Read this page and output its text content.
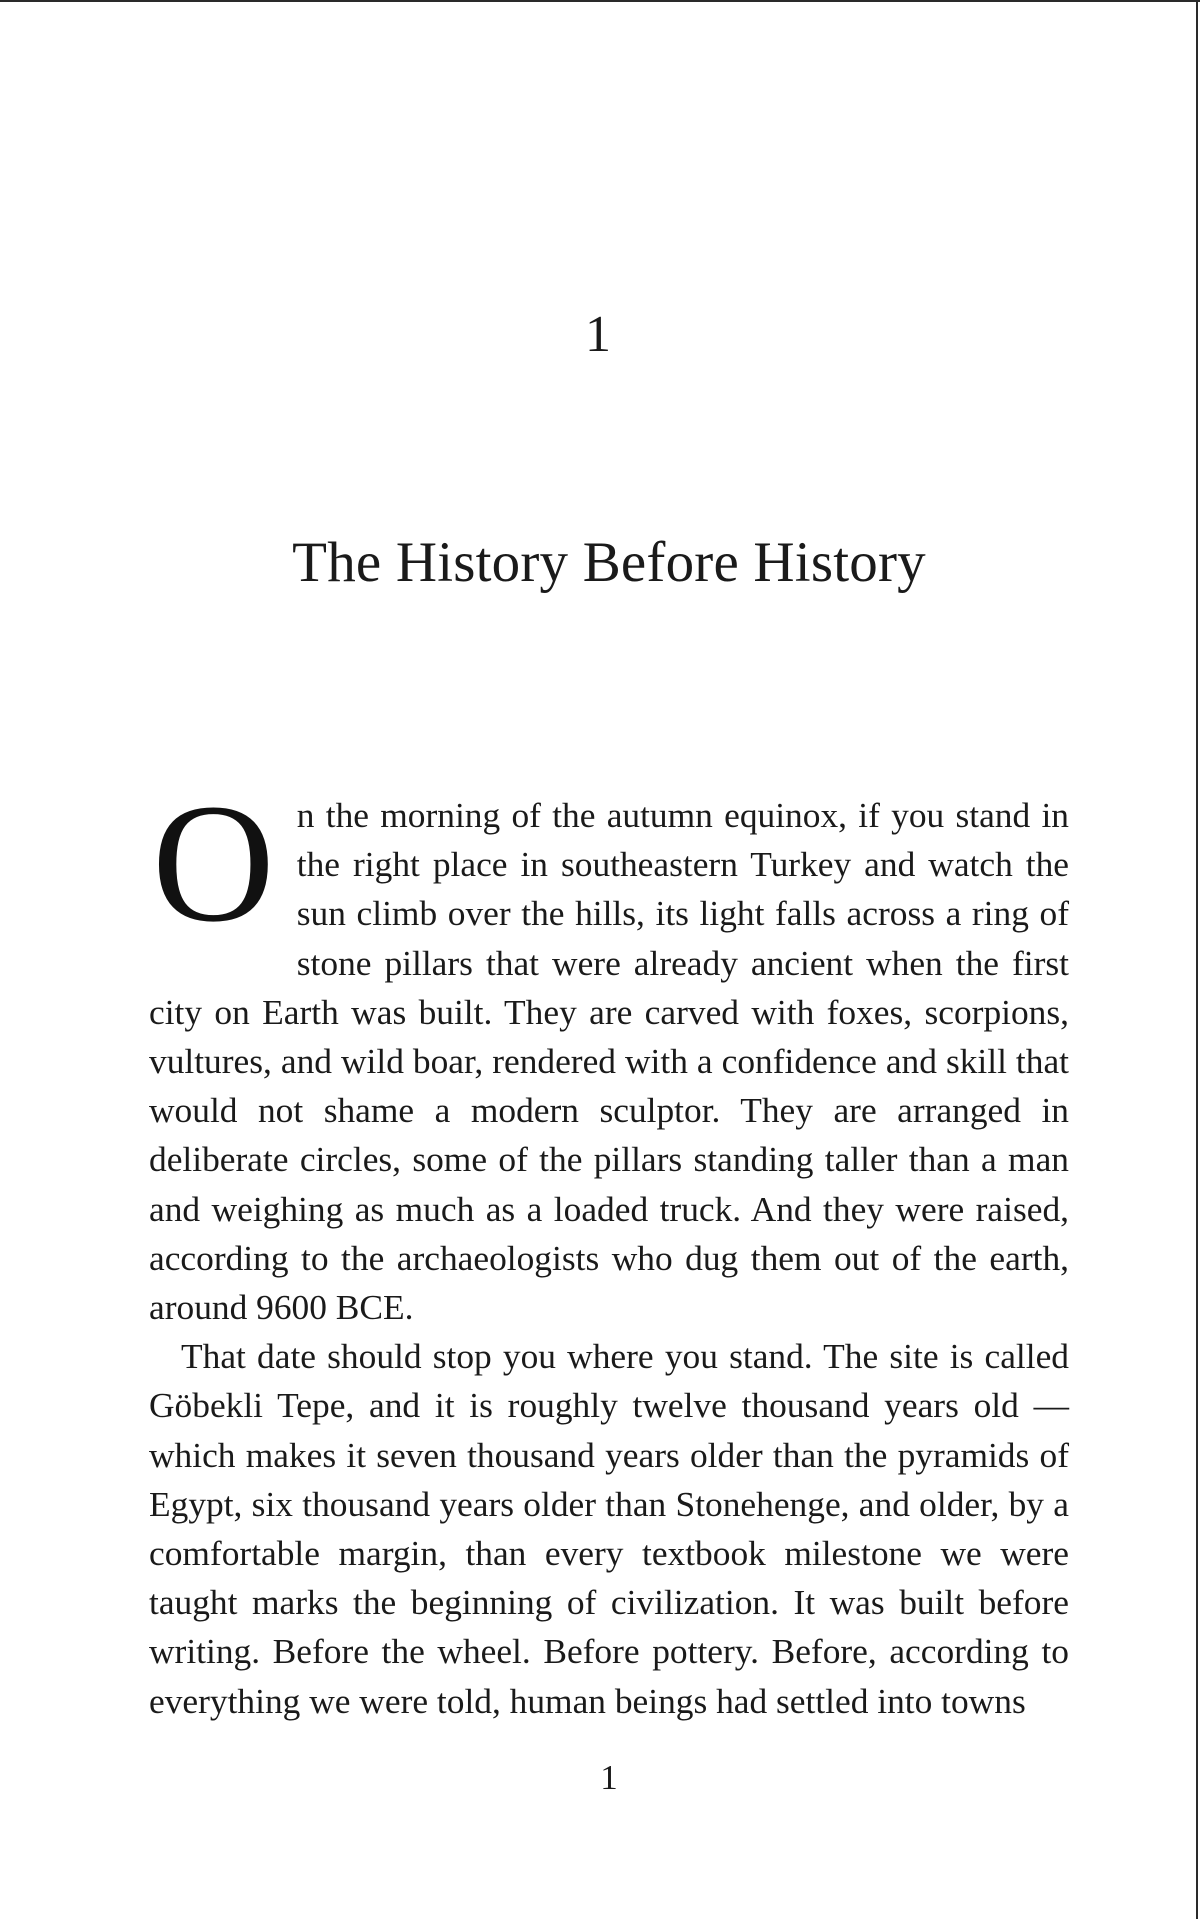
1
The History Before History

On the morning of the autumn equinox, if you stand in the right place in southeastern Turkey and watch the sun climb over the hills, its light falls across a ring of stone pillars that were already ancient when the first city on Earth was built. They are carved with foxes, scorpions, vultures, and wild boar, rendered with a confidence and skill that would not shame a modern sculptor. They are arranged in deliberate circles, some of the pillars standing taller than a man and weighing as much as a loaded truck. And they were raised, according to the archaeologists who dug them out of the earth, around 9600 BCE.

That date should stop you where you stand. The site is called Göbekli Tepe, and it is roughly twelve thousand years old — which makes it seven thousand years older than the pyramids of Egypt, six thousand years older than Stonehenge, and older, by a comfortable margin, than every textbook milestone we were taught marks the beginning of civilization. It was built before writing. Before the wheel. Before pottery. Before, according to everything we were told, human beings had settled into towns

1
